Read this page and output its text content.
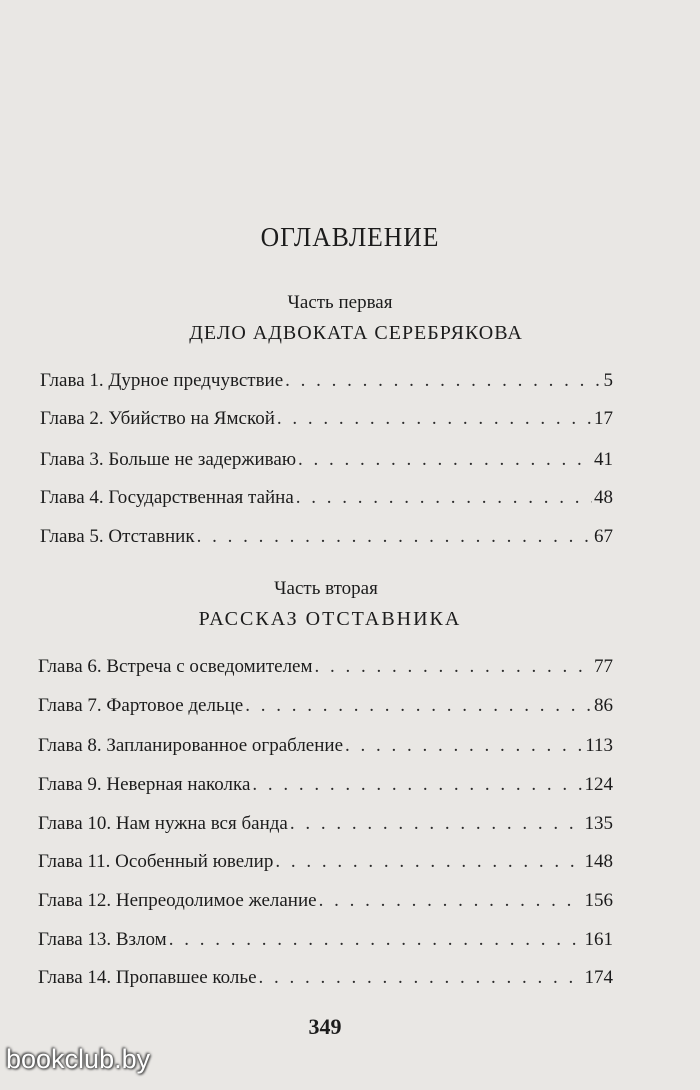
ОГЛАВЛЕНИЕ
Часть первая
ДЕЛО АДВОКАТА СЕРЕБРЯКОВА
Глава 1. Дурное предчувствие . . .	5
Глава 2. Убийство на Ямской . . .	17
Глава 3. Больше не задерживаю . . .	41
Глава 4. Государственная тайна . . .	48
Глава 5. Отставник . . .	67
Часть вторая
РАССКАЗ ОТСТАВНИКА
Глава 6. Встреча с осведомителем . . .	77
Глава 7. Фартовое дельце . . .	86
Глава 8. Запланированное ограбление . . .	113
Глава 9. Неверная наколка . . .	124
Глава 10. Нам нужна вся банда . . .	135
Глава 11. Особенный ювелир . . .	148
Глава 12. Непреодолимое желание . . .	156
Глава 13. Взлом . . .	161
Глава 14. Пропавшее колье . . .	174
349
bookclub.by
